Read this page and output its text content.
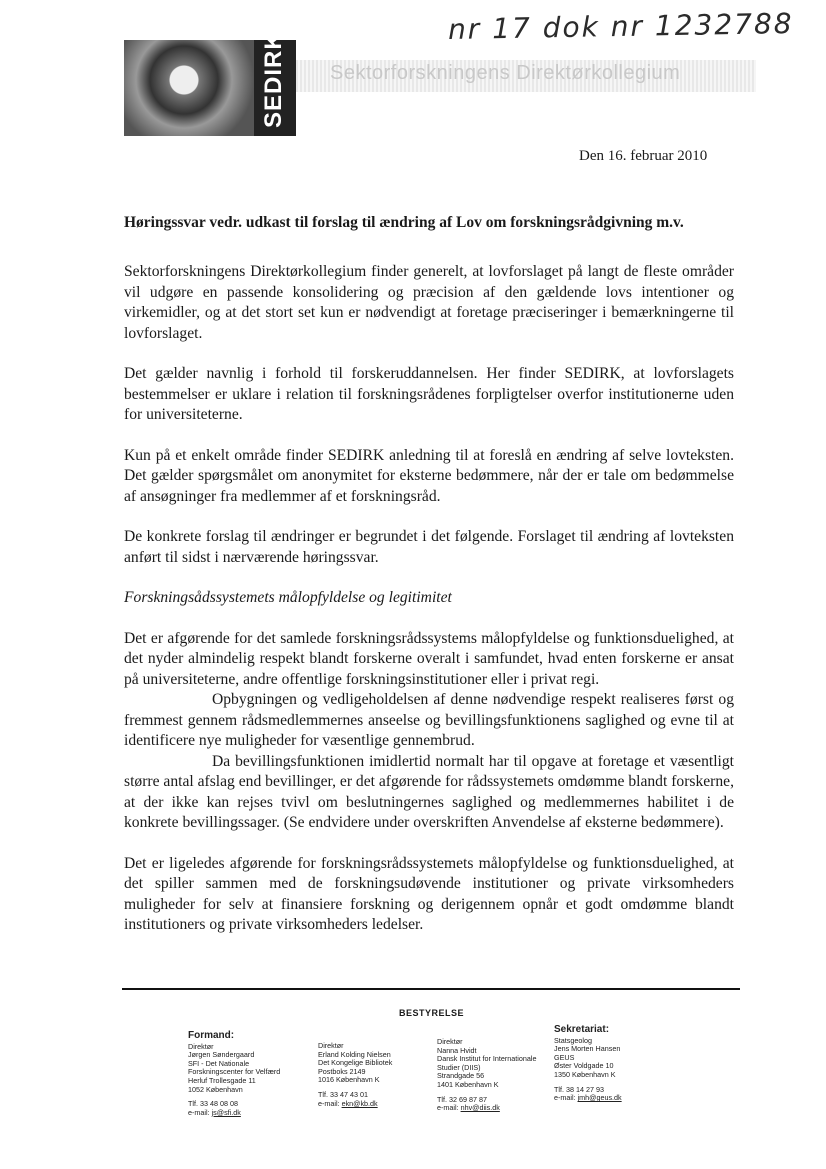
nr 17 dok nr 1232788
SEDIRK Sektorforskningens Direktørkollegium
Den 16. februar 2010
Høringssvar vedr. udkast til forslag til ændring af Lov om forskningsrådgivning m.v.

Sektorforskningens Direktørkollegium finder generelt, at lovforslaget på langt de fleste områder vil udgøre en passende konsolidering og præcision af den gældende lovs intentioner og virkemidler, og at det stort set kun er nødvendigt at foretage præciseringer i bemærkningerne til lovforslaget.

Det gælder navnlig i forhold til forskeruddannelsen. Her finder SEDIRK, at lovforslagets bestemmelser er uklare i relation til forskningsrådenes forpligtelser overfor institutionerne uden for universiteterne.

Kun på et enkelt område finder SEDIRK anledning til at foreslå en ændring af selve lovteksten. Det gælder spørgsmålet om anonymitet for eksterne bedømmere, når der er tale om bedømmelse af ansøgninger fra medlemmer af et forskningsråd.

De konkrete forslag til ændringer er begrundet i det følgende. Forslaget til ændring af lovteksten anført til sidst i nærværende høringssvar.

Forskningsådssystemets målopfyldelse og legitimitet

Det er afgørende for det samlede forskningsrådssystems målopfyldelse og funktionsduelighed, at det nyder almindelig respekt blandt forskerne overalt i samfundet, hvad enten forskerne er ansat på universiteterne, andre offentlige forskningsinstitutioner eller i privat regi.

Opbygningen og vedligeholdelsen af denne nødvendige respekt realiseres først og fremmest gennem rådsmedlemmernes anseelse og bevillingsfunktionens saglighed og evne til at identificere nye muligheder for væsentlige gennembrud.

Da bevillingsfunktionen imidlertid normalt har til opgave at foretage et væsentligt større antal afslag end bevillinger, er det afgørende for rådssystemets omdømme blandt forskerne, at der ikke kan rejses tvivl om beslutningernes saglighed og medlemmernes habilitet i de konkrete bevillingssager. (Se endvidere under overskriften Anvendelse af eksterne bedømmere).

Det er ligeledes afgørende for forskningsrådssystemets målopfyldelse og funktionsduelighed, at det spiller sammen med de forskningsudøvende institutioner og private virksomheders muligheder for selv at finansiere forskning og derigennem opnår et godt omdømme blandt institutioners og private virksomheders ledelser.

BESTYRELSE
Formand:
Direktør
Jørgen Søndergaard
SFI - Det Nationale
Forskningscenter for Velfærd
Herluf Trollesgade 11
1052 København
Tlf. 33 48 08 08
e-mail: js@sfi.dk
Direktør
Erland Kolding Nielsen
Det Kongelige Bibliotek
Postboks 2149
1016 København K
Tlf. 33 47 43 01
e-mail: ekn@kb.dk
Direktør
Nanna Hvidt
Dansk Institut for Internationale
Studier (DIIS)
Strandgade 56
1401 København K
Tlf. 32 69 87 87
e-mail: nhv@diis.dk
Sekretariat:
Statsgeolog
Jens Morten Hansen
GEUS
Øster Voldgade 10
1350 København K
Tlf. 38 14 27 93
e-mail: jmh@geus.dk
